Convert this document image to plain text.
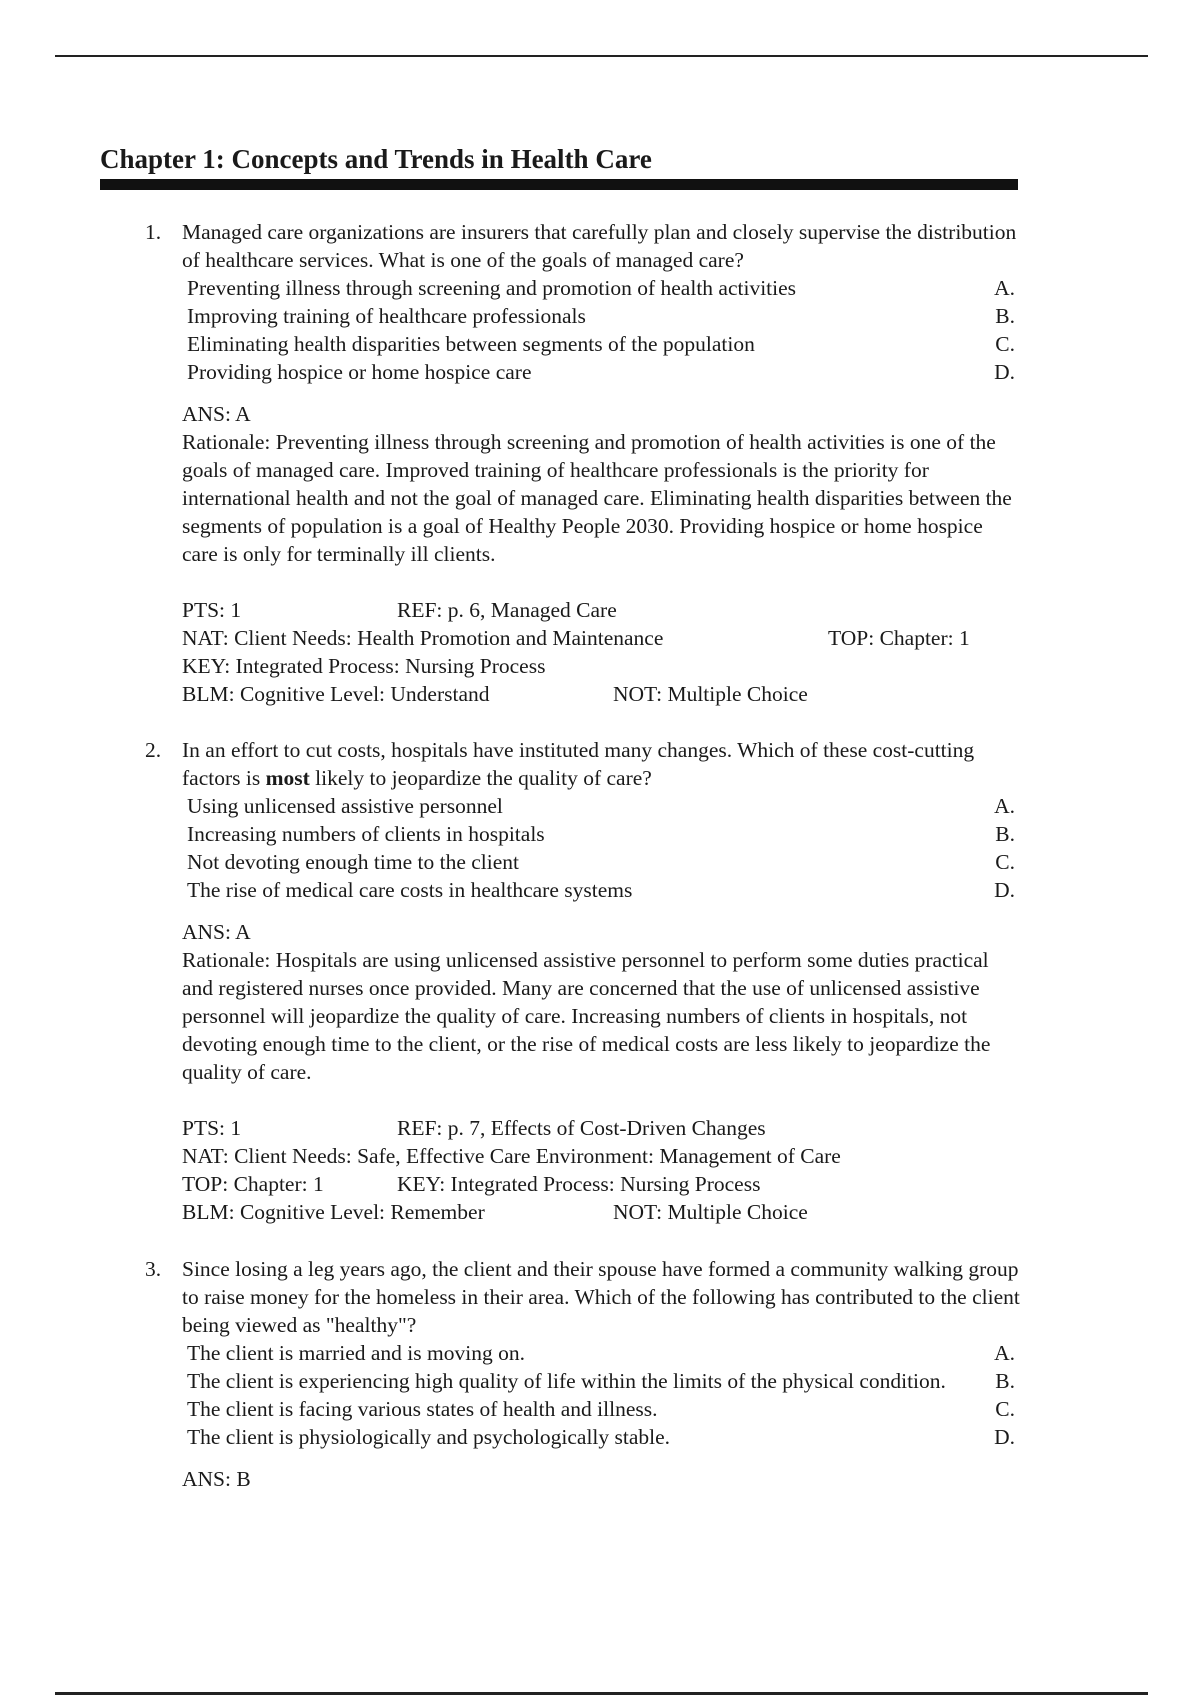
Chapter 1: Concepts and Trends in Health Care
1. Managed care organizations are insurers that carefully plan and closely supervise the distribution of healthcare services. What is one of the goals of managed care?
Preventing illness through screening and promotion of health activities	A.
Improving training of healthcare professionals	B.
Eliminating health disparities between segments of the population	C.
Providing hospice or home hospice care	D.
ANS: A
Rationale: Preventing illness through screening and promotion of health activities is one of the goals of managed care. Improved training of healthcare professionals is the priority for international health and not the goal of managed care. Eliminating health disparities between the segments of population is a goal of Healthy People 2030. Providing hospice or home hospice care is only for terminally ill clients.
PTS: 1	REF: p. 6, Managed Care
NAT: Client Needs: Health Promotion and Maintenance	TOP: Chapter: 1
KEY: Integrated Process: Nursing Process
BLM: Cognitive Level: Understand	NOT: Multiple Choice
2. In an effort to cut costs, hospitals have instituted many changes. Which of these cost-cutting factors is most likely to jeopardize the quality of care?
Using unlicensed assistive personnel	A.
Increasing numbers of clients in hospitals	B.
Not devoting enough time to the client	C.
The rise of medical care costs in healthcare systems	D.
ANS: A
Rationale: Hospitals are using unlicensed assistive personnel to perform some duties practical and registered nurses once provided. Many are concerned that the use of unlicensed assistive personnel will jeopardize the quality of care. Increasing numbers of clients in hospitals, not devoting enough time to the client, or the rise of medical costs are less likely to jeopardize the quality of care.
PTS: 1	REF: p. 7, Effects of Cost-Driven Changes
NAT: Client Needs: Safe, Effective Care Environment: Management of Care
TOP: Chapter: 1	KEY: Integrated Process: Nursing Process
BLM: Cognitive Level: Remember	NOT: Multiple Choice
3. Since losing a leg years ago, the client and their spouse have formed a community walking group to raise money for the homeless in their area. Which of the following has contributed to the client being viewed as "healthy"?
The client is married and is moving on.	A.
The client is experiencing high quality of life within the limits of the physical condition. B.
The client is facing various states of health and illness.	C.
The client is physiologically and psychologically stable.	D.
ANS: B
